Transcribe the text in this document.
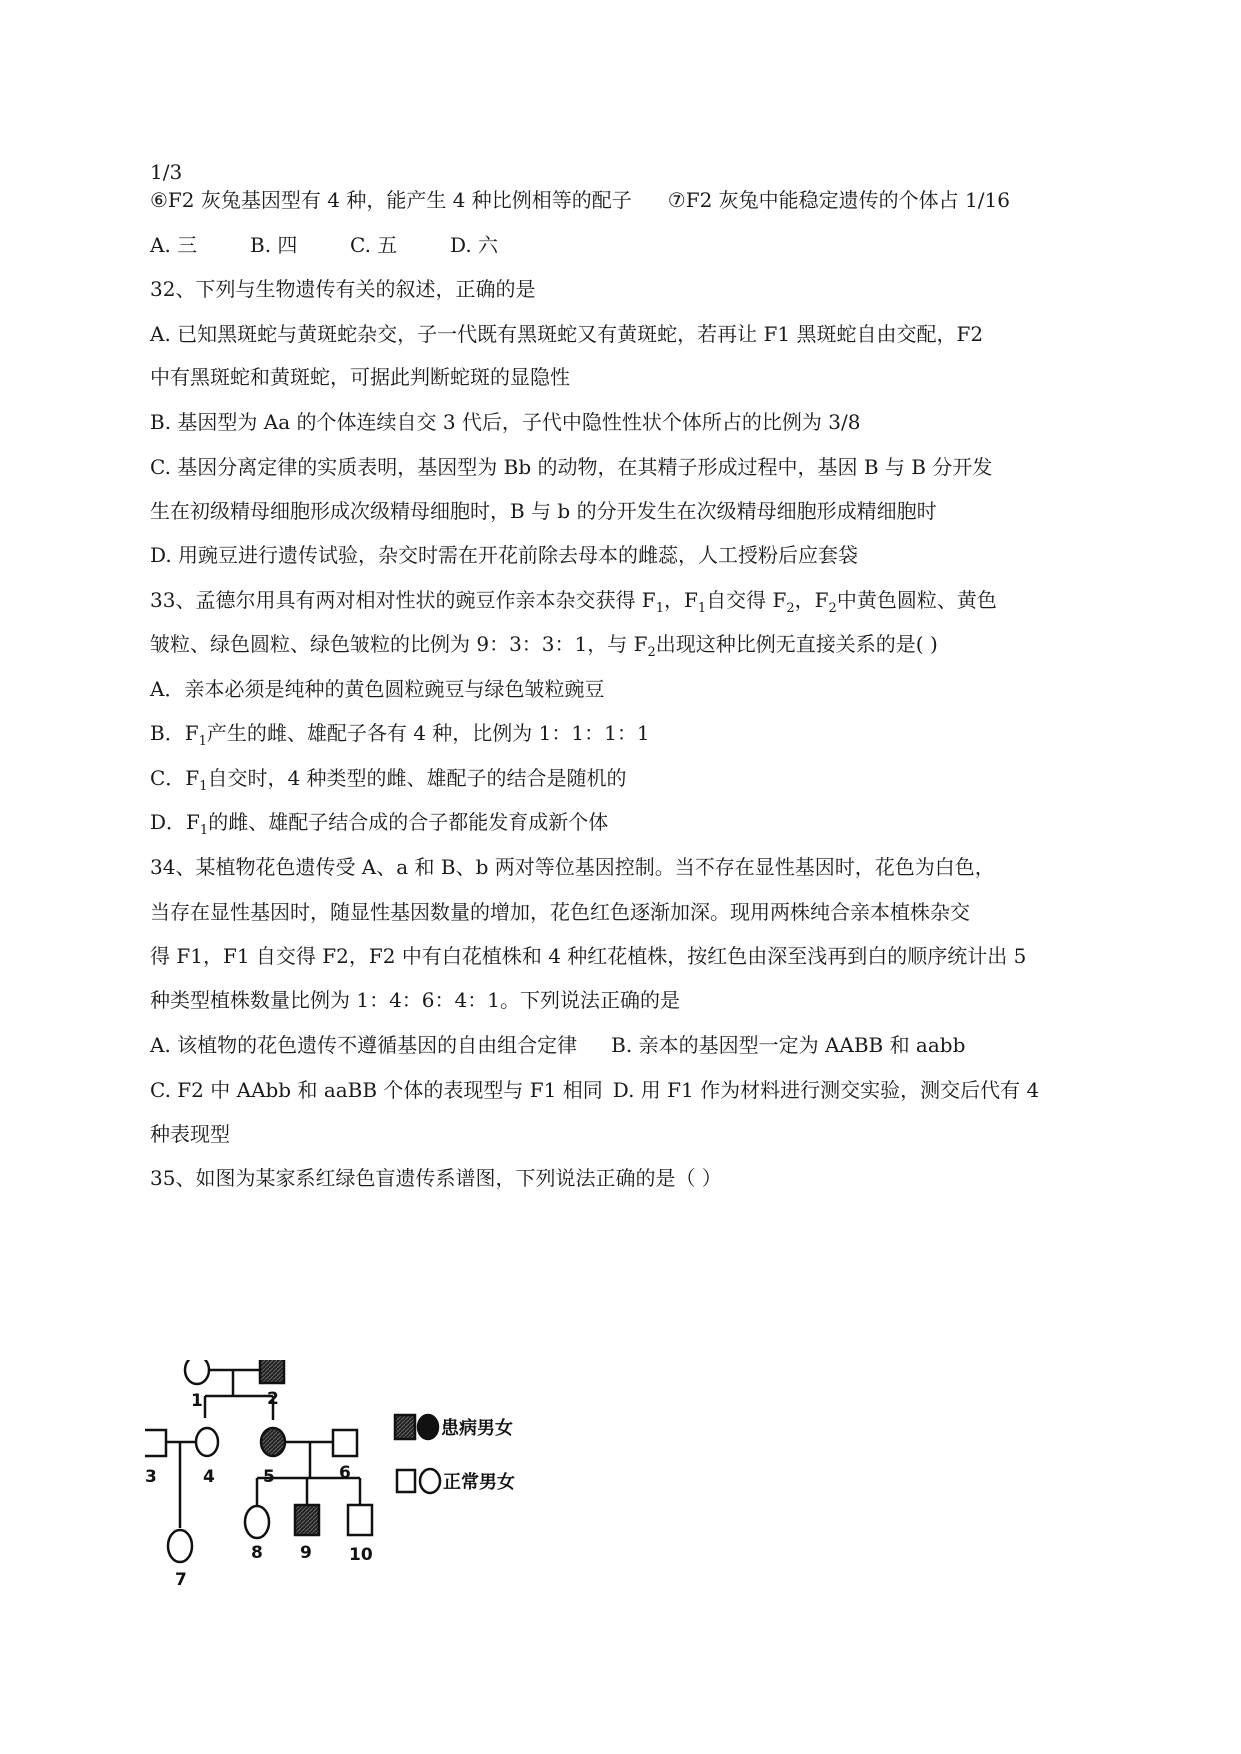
1/3
⑥F2 灰兔基因型有 4 种，能产生 4 种比例相等的配子 ⑦F2 灰兔中能稳定遗传的个体占 1/16
A. 三	B. 四	C. 五	D. 六
32、下列与生物遗传有关的叙述，正确的是
A. 已知黑斑蛇与黄斑蛇杂交，子一代既有黑斑蛇又有黄斑蛇，若再让 F1 黑斑蛇自由交配，F2
中有黑斑蛇和黄斑蛇，可据此判断蛇斑的显隐性
B. 基因型为 Aa 的个体连续自交 3 代后，子代中隐性性状个体所占的比例为 3/8
C. 基因分离定律的实质表明，基因型为 Bb 的动物，在其精子形成过程中，基因 B 与 B 分开发
生在初级精母细胞形成次级精母细胞时，B 与 b 的分开发生在次级精母细胞形成精细胞时
D. 用豌豆进行遗传试验，杂交时需在开花前除去母本的雌蕊，人工授粉后应套袋
33、孟德尔用具有两对相对性状的豌豆作亲本杂交获得 $F_1$，$F_1$自交得 $F_2$，$F_2$中黄色圆粒、黄色
皱粒、绿色圆粒、绿色皱粒的比例为 9：3：3：1，与 $F_2$出现这种比例无直接关系的是( )
A．亲本必须是纯种的黄色圆粒豌豆与绿色皱粒豌豆
B．$F_1$产生的雌、雄配子各有 4 种，比例为 1：1：1：1
C．$F_1$自交时，4 种类型的雌、雄配子的结合是随机的
D．$F_1$的雌、雄配子结合成的合子都能发育成新个体
34、某植物花色遗传受 A、a 和 B、b 两对等位基因控制。当不存在显性基因时，花色为白色，
当存在显性基因时，随显性基因数量的增加，花色红色逐渐加深。现用两株纯合亲本植株杂交
得 F1，F1 自交得 F2，F2 中有白花植株和 4 种红花植株，按红色由深至浅再到白的顺序统计出 5
种类型植株数量比例为 1：4：6：4：1。下列说法正确的是
A. 该植物的花色遗传不遵循基因的自由组合定律 B. 亲本的基因型一定为 AABB 和 aabb
C. F2 中 AAbb 和 aaBB 个体的表现型与 F1 相同 D. 用 F1 作为材料进行测交实验，测交后代有 4
种表现型
35、如图为某家系红绿色盲遗传系谱图，下列说法正确的是（ ）
1	2
3	4	5	6
7
8 9 10
患病男女
正常男女
